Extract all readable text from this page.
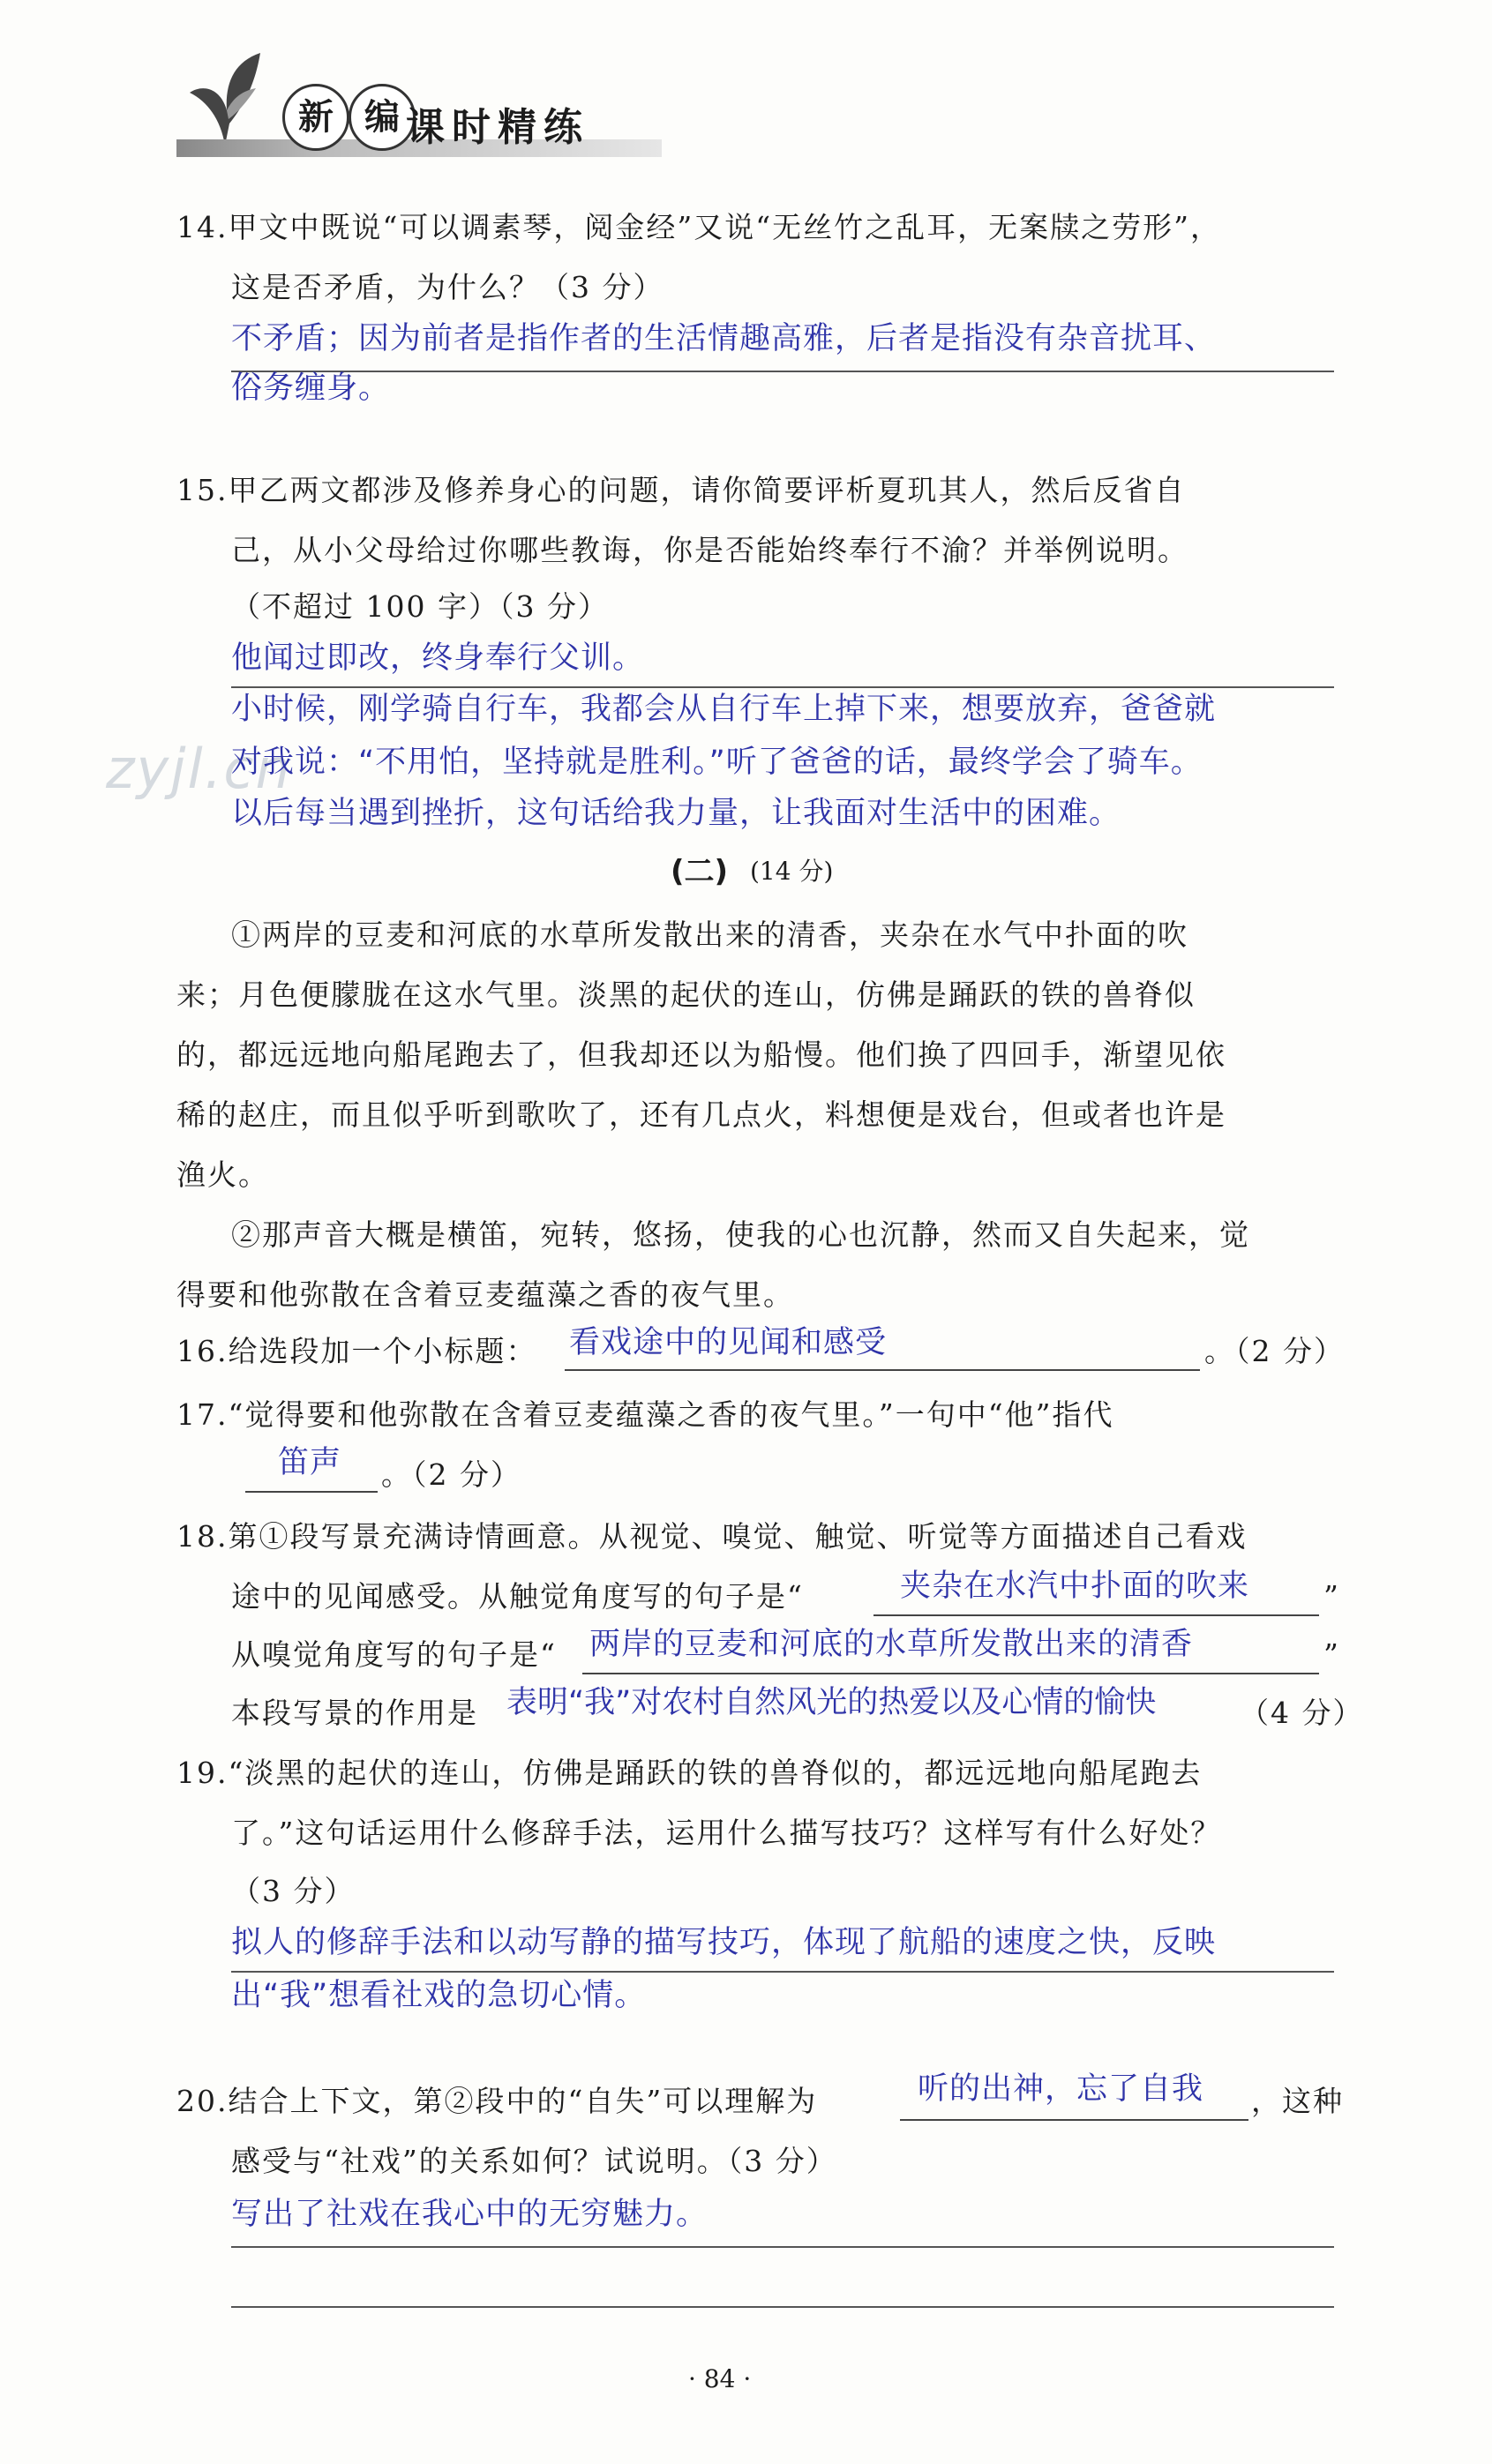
新 编 课时精练
zyjl.cn
14.甲文中既说“可以调素琴，阅金经”又说“无丝竹之乱耳，无案牍之劳形”，
这是否矛盾，为什么？（3 分）
不矛盾；因为前者是指作者的生活情趣高雅，后者是指没有杂音扰耳、
俗务缠身。
15.甲乙两文都涉及修养身心的问题，请你简要评析夏玑其人，然后反省自
己，从小父母给过你哪些教诲，你是否能始终奉行不渝？并举例说明。
（不超过 100 字）（3 分）
他闻过即改，终身奉行父训。
小时候，刚学骑自行车，我都会从自行车上掉下来，想要放弃，爸爸就
对我说：“不用怕，坚持就是胜利。”听了爸爸的话，最终学会了骑车。
以后每当遇到挫折，这句话给我力量，让我面对生活中的困难。
(二) (14 分)
①两岸的豆麦和河底的水草所发散出来的清香，夹杂在水气中扑面的吹
来；月色便朦胧在这水气里。淡黑的起伏的连山，仿佛是踊跃的铁的兽脊似
的，都远远地向船尾跑去了，但我却还以为船慢。他们换了四回手，渐望见依
稀的赵庄，而且似乎听到歌吹了，还有几点火，料想便是戏台，但或者也许是
渔火。
②那声音大概是横笛，宛转，悠扬，使我的心也沉静，然而又自失起来，觉
得要和他弥散在含着豆麦蕴藻之香的夜气里。
16.给选段加一个小标题： 看戏途中的见闻和感受	。（2 分）
17.“觉得要和他弥散在含着豆麦蕴藻之香的夜气里。”一句中“他”指代
笛声 。（2 分）
18.第①段写景充满诗情画意。从视觉、嗅觉、触觉、听觉等方面描述自己看戏
途中的见闻感受。从触觉角度写的句子是“	夹杂在水汽中扑面的吹来	”
从嗅觉角度写的句子是“ 两岸的豆麦和河底的水草所发散出来的清香	”
本段写景的作用是 表明“我”对农村自然风光的热爱以及心情的愉快	（4 分）
19.“淡黑的起伏的连山，仿佛是踊跃的铁的兽脊似的，都远远地向船尾跑去
了。”这句话运用什么修辞手法，运用什么描写技巧？这样写有什么好处？
（3 分）
拟人的修辞手法和以动写静的描写技巧，体现了航船的速度之快，反映
出“我”想看社戏的急切心情。
20.结合上下文，第②段中的“自失”可以理解为	听的出神，忘了自我 ，这种
感受与“社戏”的关系如何？试说明。（3 分）
写出了社戏在我心中的无穷魅力。
· 84 ·
